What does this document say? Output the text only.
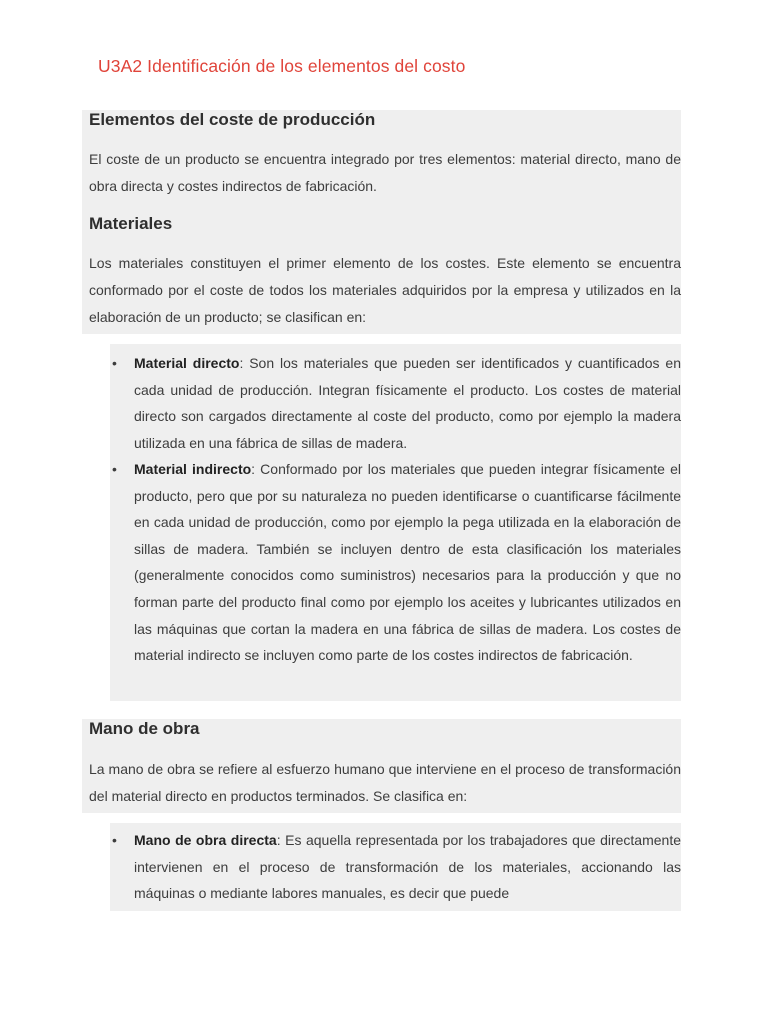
U3A2 Identificación de los elementos del costo
Elementos del coste de producción

El coste de un producto se encuentra integrado por tres elementos: material directo, mano de obra directa y costes indirectos de fabricación.

Materiales

Los materiales constituyen el primer elemento de los costes. Este elemento se encuentra conformado por el coste de todos los materiales adquiridos por la empresa y utilizados en la elaboración de un producto; se clasifican en:

• Material directo: Son los materiales que pueden ser identificados y cuantificados en cada unidad de producción. Integran físicamente el producto. Los costes de material directo son cargados directamente al coste del producto, como por ejemplo la madera utilizada en una fábrica de sillas de madera.
• Material indirecto: Conformado por los materiales que pueden integrar físicamente el producto, pero que por su naturaleza no pueden identificarse o cuantificarse fácilmente en cada unidad de producción, como por ejemplo la pega utilizada en la elaboración de sillas de madera. También se incluyen dentro de esta clasificación los materiales (generalmente conocidos como suministros) necesarios para la producción y que no forman parte del producto final como por ejemplo los aceites y lubricantes utilizados en las máquinas que cortan la madera en una fábrica de sillas de madera. Los costes de material indirecto se incluyen como parte de los costes indirectos de fabricación.
Mano de obra

La mano de obra se refiere al esfuerzo humano que interviene en el proceso de transformación del material directo en productos terminados. Se clasifica en:

• Mano de obra directa: Es aquella representada por los trabajadores que directamente intervienen en el proceso de transformación de los materiales, accionando las máquinas o mediante labores manuales, es decir que puede
